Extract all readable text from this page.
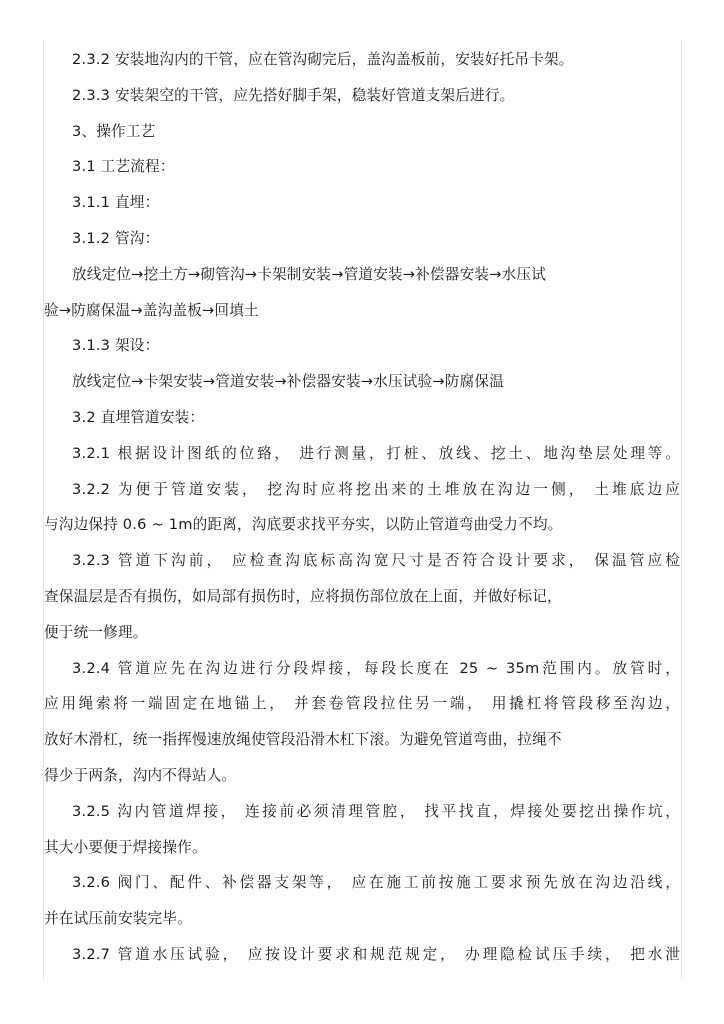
2.3.2 安装地沟内的干管，应在管沟砌完后，盖沟盖板前，安装好托吊卡架。
2.3.3 安装架空的干管，应先搭好脚手架，稳装好管道支架后进行。
3、操作工艺
3.1 工艺流程：
3.1.1 直埋：
3.1.2 管沟：
放线定位→挖土方→砌管沟→卡架制安装→管道安装→补偿器安装→水压试
验→防腐保温→盖沟盖板→回填土
3.1.3 架设：
放线定位→卡架安装→管道安装→补偿器安装→水压试验→防腐保温
3.2 直埋管道安装：
3.2.1 根据设计图纸的位臵， 进行测量，打桩、放线、挖土、地沟垫层处理等。
3.2.2 为便于管道安装， 挖沟时应将挖出来的土堆放在沟边一侧， 土堆底边应
与沟边保持 0.6 ~ 1m的距离，沟底要求找平夯实，以防止管道弯曲受力不均。
3.2.3 管道下沟前， 应检查沟底标高沟宽尺寸是否符合设计要求， 保温管应检
查保温层是否有损伤，如局部有损伤时，应将损伤部位放在上面，并做好标记，
便于统一修理。
3.2.4 管道应先在沟边进行分段焊接，每段长度在 25 ~ 35m范围内。放管时，
应用绳索将一端固定在地锚上， 并套卷管段拉住另一端， 用撬杠将管段移至沟边，
放好木滑杠，统一指挥慢速放绳使管段沿滑木杠下滚。为避免管道弯曲，拉绳不
得少于两条，沟内不得站人。
3.2.5 沟内管道焊接， 连接前必须清理管腔， 找平找直，焊接处要挖出操作坑，
其大小要便于焊接操作。
3.2.6 阀门、配件、补偿器支架等， 应在施工前按施工要求预先放在沟边沿线，
并在试压前安装完毕。
3.2.7 管道水压试验， 应按设计要求和规范规定， 办理隐检试压手续， 把水泄
